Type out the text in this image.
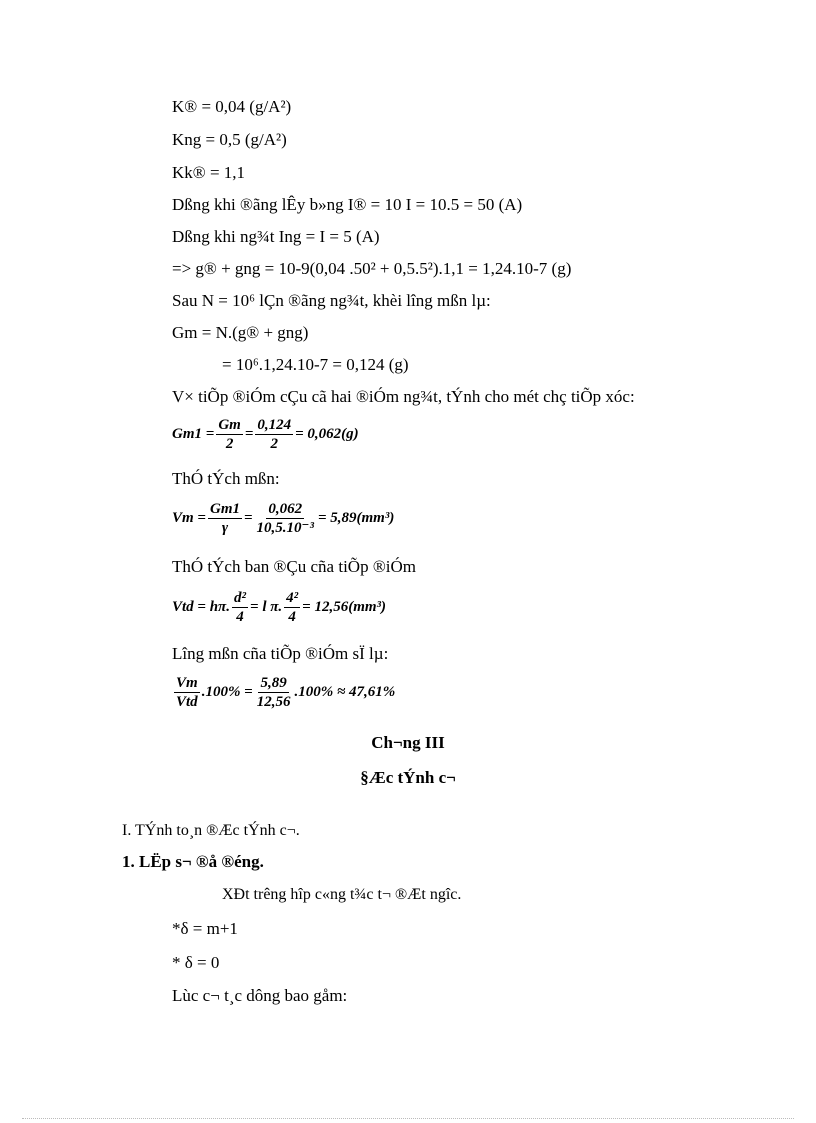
K® = 0,04 (g/A²)
Kng = 0,5 (g/A²)
Kk® = 1,1
Dßng khi ®ãng lÊy b»ng I® = 10 I = 10.5 = 50 (A)
Dßng khi ng¾t Ing = I = 5 (A)
=> g® + gng = 10-9(0,04 .50² + 0,5.5²).1,1 = 1,24.10-7 (g)
Sau N = 10⁶ lÇn ®ãng ng¾t, khèi lîng mßn lµ:
Gm = N.(g® + gng)
= 10⁶.1,24.10-7 = 0,124 (g)
V× tiÕp ®iÓm cÇu cã hai ®iÓm ng¾t, tÝnh cho mét chç tiÕp xóc:
$Gm1 = \frac{Gm}{2} = \frac{0,124}{2} = 0,062(g)$
ThÓ tÝch mßn:
$Vm = \frac{Gm1}{\gamma} = \frac{0,062}{\text{10,5.10⁻³}} = 5,89(mm^3)$
ThÓ tÝch ban ®Çu cña tiÕp ®iÓm
Vtd = hπ. $\frac{\text{d²}}{4} = l$ π. $\frac{\text{4²}}{4} = 12,56(mm^3)$
Lîng mßn cña tiÕp ®iÓm sÏ lµ:
$\frac{Vm}{\text{Vtd}} .100\% = \frac{5,89}{12,56} .100\% \approx 47,61\%$
Ch¬ng III
§Æc tÝnh c¬
I. TÝnh to¸n ®Æc tÝnh c¬.
1. LËp s¬ ®å ®éng.
XÐt trêng hîp c«ng t¾c t¬ ®Æt ngîc.
*δ = m+1
* δ = 0
Lùc c¬ t¸c dông bao gåm:
